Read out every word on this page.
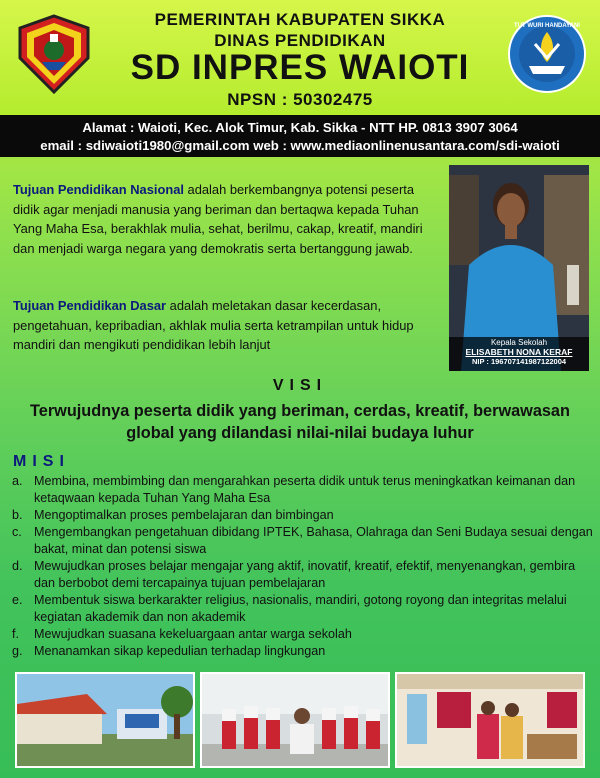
PEMERINTAH KABUPATEN SIKKA
DINAS PENDIDIKAN
SD INPRES WAIOTI
NPSN : 50302475
TUT WURI HANDAYANI
Alamat : Waioti, Kec. Alok Timur, Kab. Sikka - NTT HP. 0813 3907 3064
email : sdiwaioti1980@gmail.com web : www.mediaonlinenusantara.com/sdi-waioti
Tujuan Pendidikan Nasional adalah berkembangnya potensi peserta didik agar menjadi manusia yang beriman dan bertaqwa kepada Tuhan Yang Maha Esa, berakhlak mulia, sehat, berilmu, cakap, kreatif, mandiri dan menjadi warga negara yang demokratis serta bertanggung jawab.
Tujuan Pendidikan Dasar adalah meletakan dasar kecerdasan, pengetahuan, kepribadian, akhlak mulia serta ketrampilan untuk hidup mandiri dan mengikuti pendidikan lebih lanjut	Kepala Sekolah
ELISABETH NONA KERAF
NIP : 196707141987122004
VISI
Terwujudnya peserta didik yang beriman, cerdas, kreatif, berwawasan global yang dilandasi nilai-nilai budaya luhur
MISI
a. Membina, membimbing dan mengarahkan peserta didik untuk terus meningkatkan keimanan dan ketaqwaan kepada Tuhan Yang Maha Esa
b. Mengoptimalkan proses pembelajaran dan bimbingan
c. Mengembangkan pengetahuan dibidang IPTEK, Bahasa, Olahraga dan Seni Budaya sesuai dengan bakat, minat dan potensi siswa
d. Mewujudkan proses belajar mengajar yang aktif, inovatif, kreatif, efektif, menyenangkan, gembira dan berbobot demi tercapainya tujuan pembelajaran
e. Membentuk siswa berkarakter religius, nasionalis, mandiri, gotong royong dan integritas melalui kegiatan akademik dan non akademik
f.	Mewujudkan suasana kekeluargaan antar warga sekolah
g. Menanamkan sikap kepedulian terhadap lingkungan
